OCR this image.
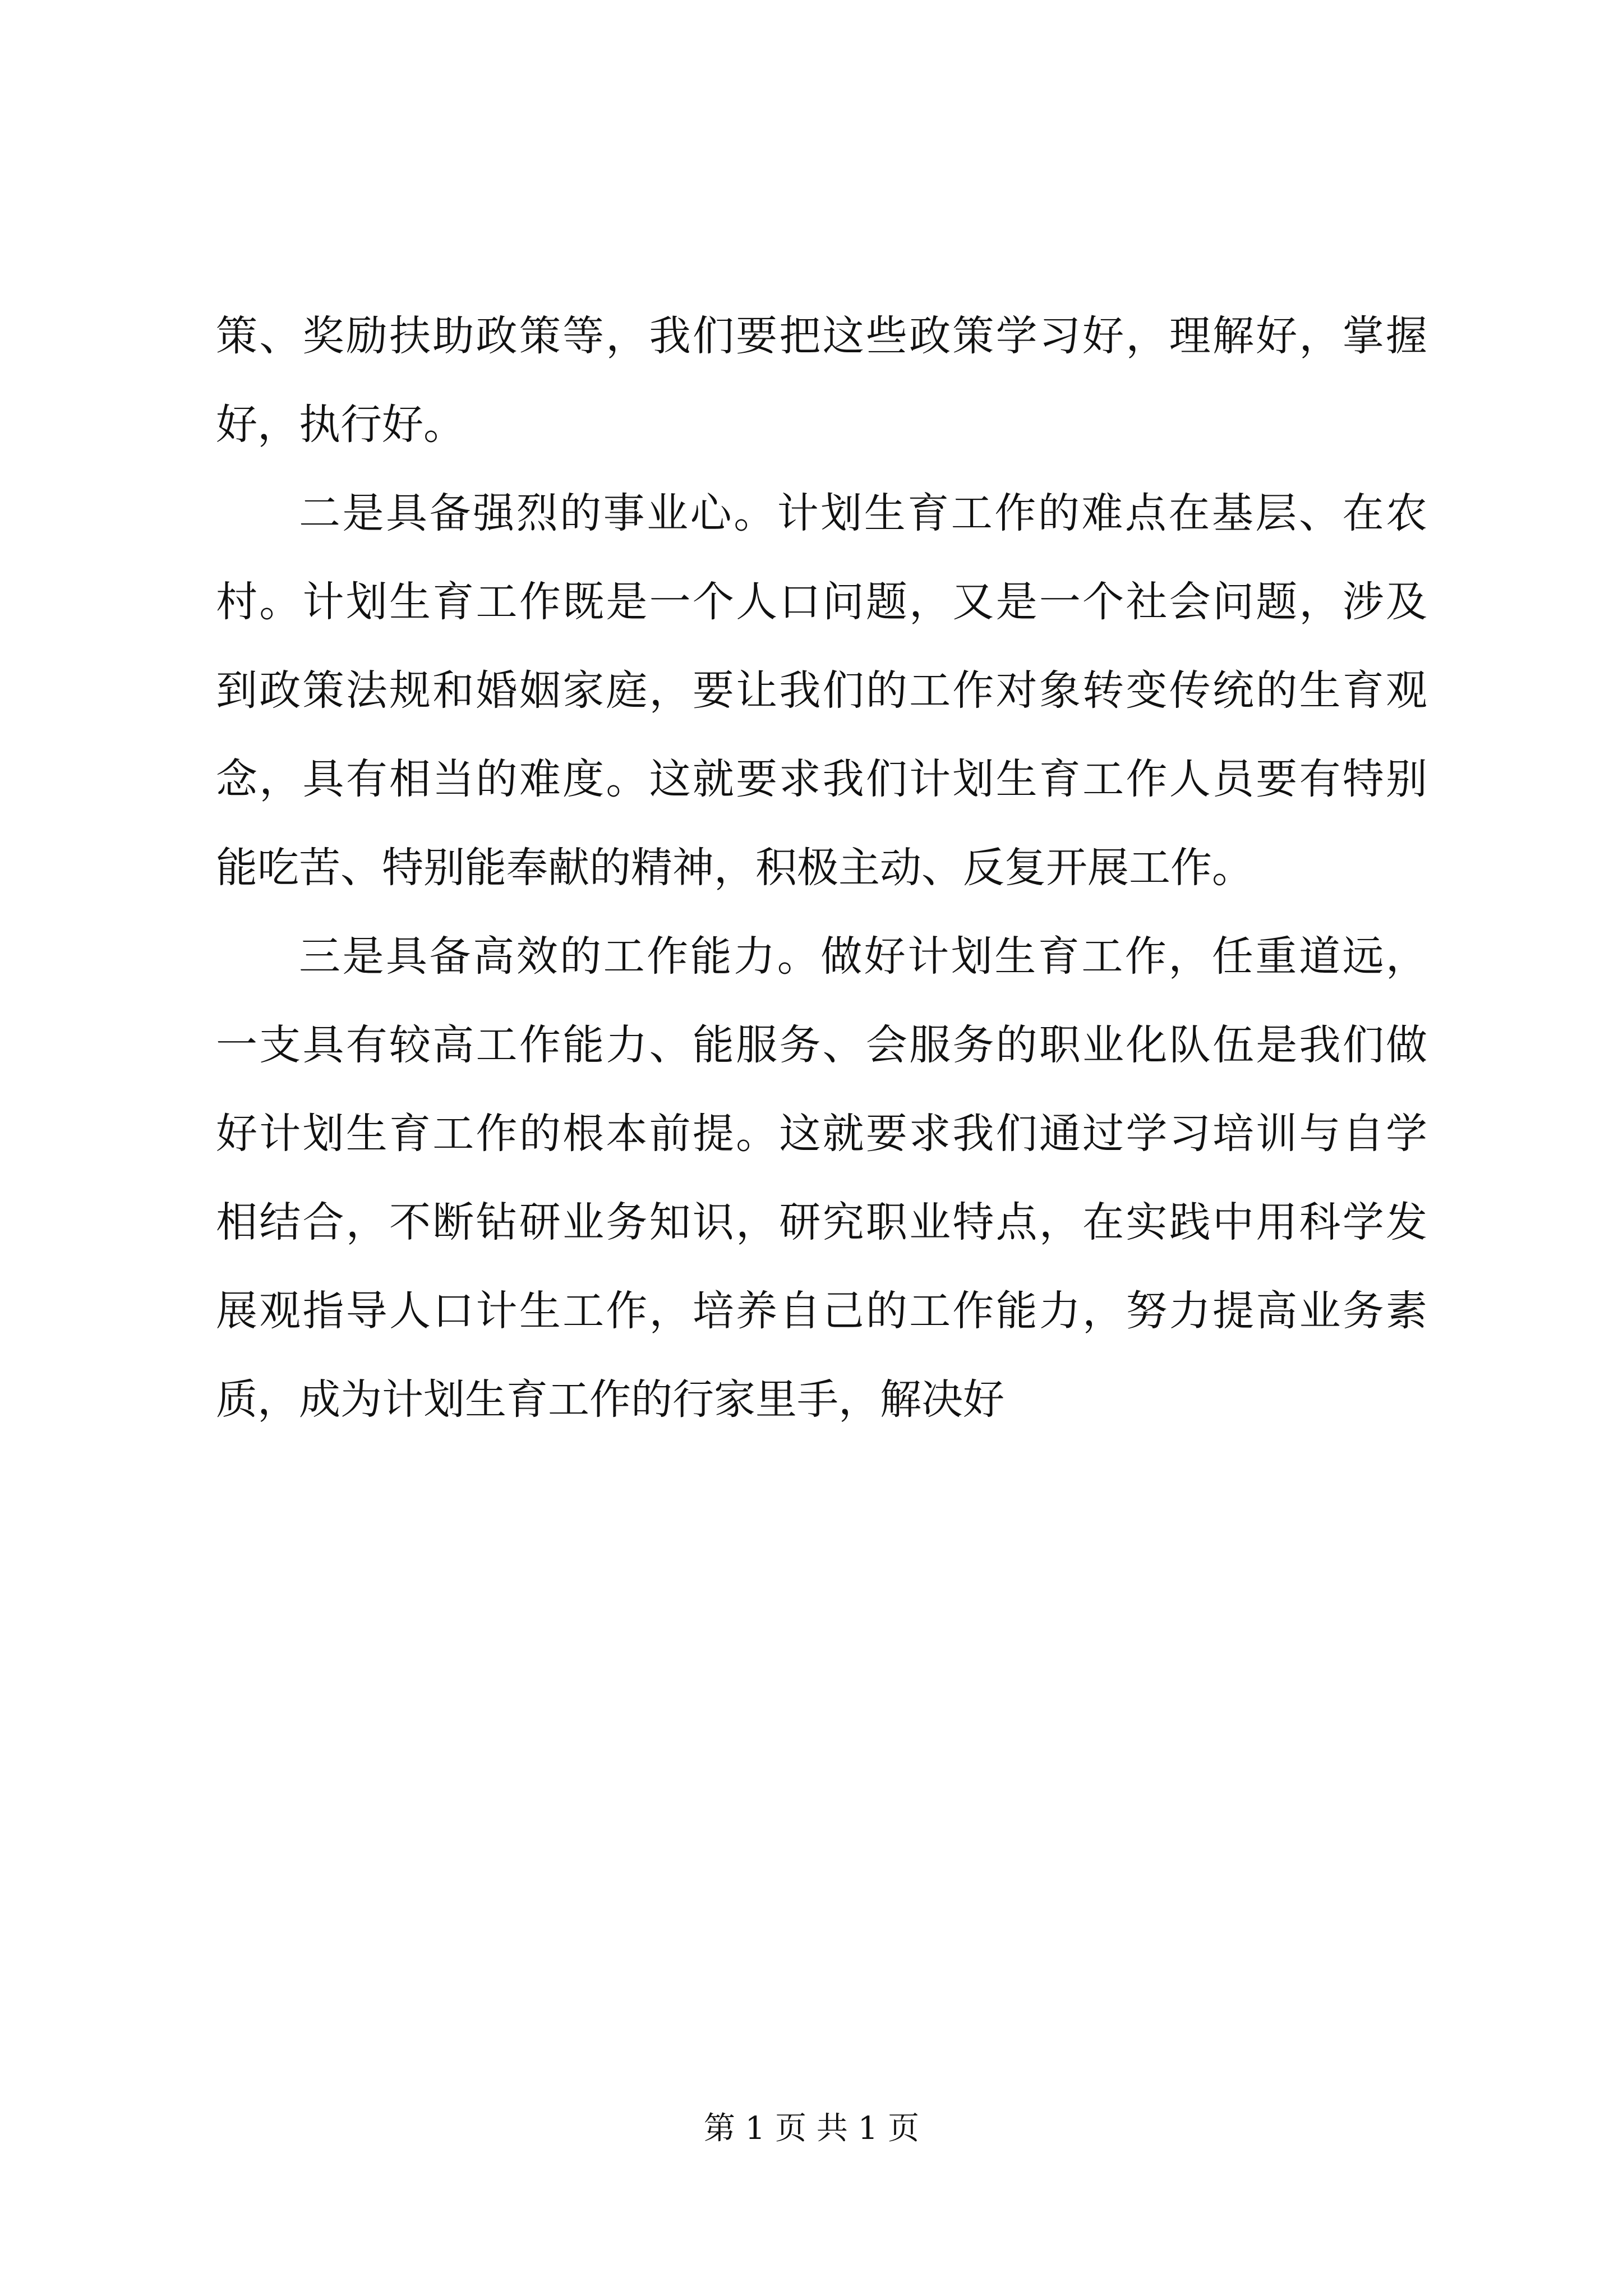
策、奖励扶助政策等，我们要把这些政策学习好，理解好，掌握
好，执行好。
二是具备强烈的事业心。计划生育工作的难点在基层、在农
村。计划生育工作既是一个人口问题，又是一个社会问题，涉及
到政策法规和婚姻家庭，要让我们的工作对象转变传统的生育观
念，具有相当的难度。这就要求我们计划生育工作人员要有特别
能吃苦、特别能奉献的精神，积极主动、反复开展工作。
三是具备高效的工作能力。做好计划生育工作，任重道远，
一支具有较高工作能力、能服务、会服务的职业化队伍是我们做
好计划生育工作的根本前提。这就要求我们通过学习培训与自学
相结合，不断钻研业务知识，研究职业特点，在实践中用科学发
展观指导人口计生工作，培养自己的工作能力，努力提高业务素
质，成为计划生育工作的行家里手，解决好
第 1 页 共 1 页
